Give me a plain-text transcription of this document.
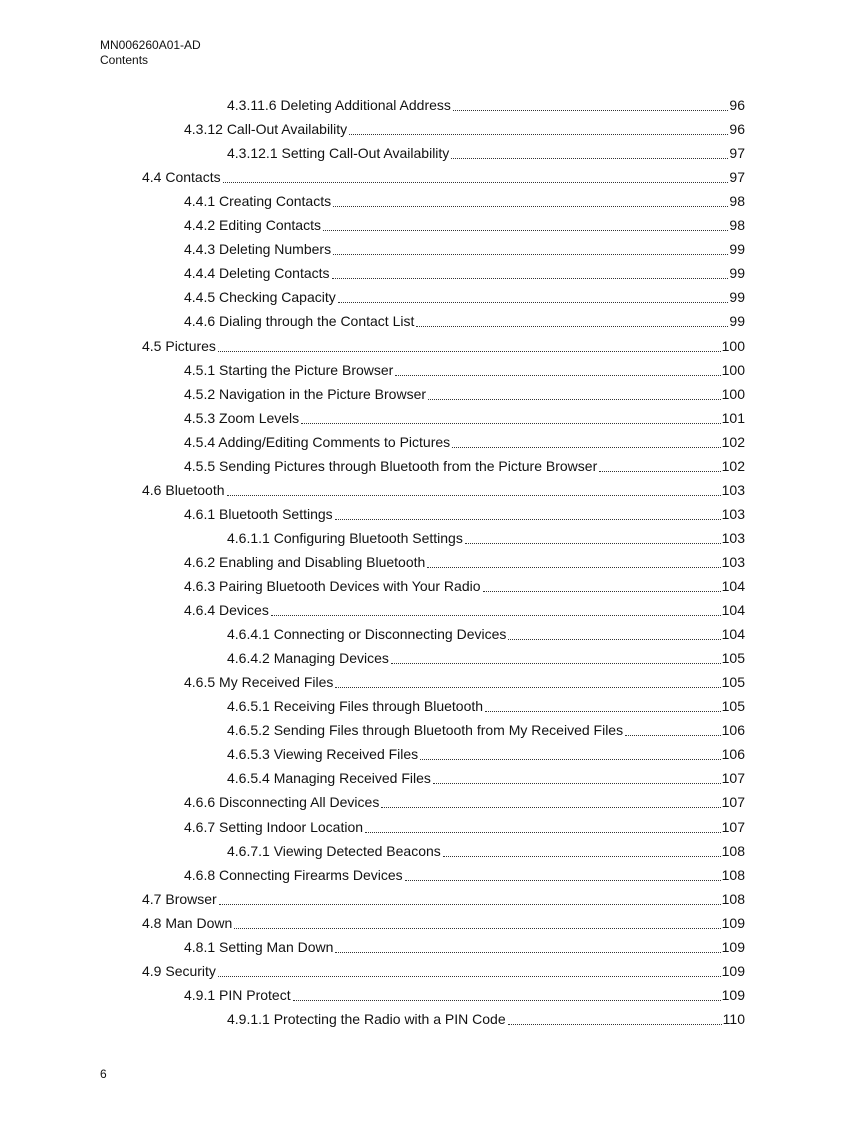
MN006260A01-AD
Contents
4.3.11.6 Deleting Additional Address	96
4.3.12 Call-Out Availability	96
4.3.12.1 Setting Call-Out Availability	97
4.4 Contacts	97
4.4.1 Creating Contacts	98
4.4.2 Editing Contacts	98
4.4.3 Deleting Numbers	99
4.4.4 Deleting Contacts	99
4.4.5 Checking Capacity	99
4.4.6 Dialing through the Contact List	99
4.5 Pictures	100
4.5.1 Starting the Picture Browser	100
4.5.2 Navigation in the Picture Browser	100
4.5.3 Zoom Levels	101
4.5.4 Adding/Editing Comments to Pictures	102
4.5.5 Sending Pictures through Bluetooth from the Picture Browser	102
4.6 Bluetooth	103
4.6.1 Bluetooth Settings	103
4.6.1.1 Configuring Bluetooth Settings	103
4.6.2 Enabling and Disabling Bluetooth	103
4.6.3 Pairing Bluetooth Devices with Your Radio	104
4.6.4 Devices	104
4.6.4.1 Connecting or Disconnecting Devices	104
4.6.4.2 Managing Devices	105
4.6.5 My Received Files	105
4.6.5.1 Receiving Files through Bluetooth	105
4.6.5.2 Sending Files through Bluetooth from My Received Files	106
4.6.5.3 Viewing Received Files	106
4.6.5.4 Managing Received Files	107
4.6.6 Disconnecting All Devices	107
4.6.7 Setting Indoor Location	107
4.6.7.1 Viewing Detected Beacons	108
4.6.8 Connecting Firearms Devices	108
4.7 Browser	108
4.8 Man Down	109
4.8.1 Setting Man Down	109
4.9 Security	109
4.9.1 PIN Protect	109
4.9.1.1 Protecting the Radio with a PIN Code	110
6
